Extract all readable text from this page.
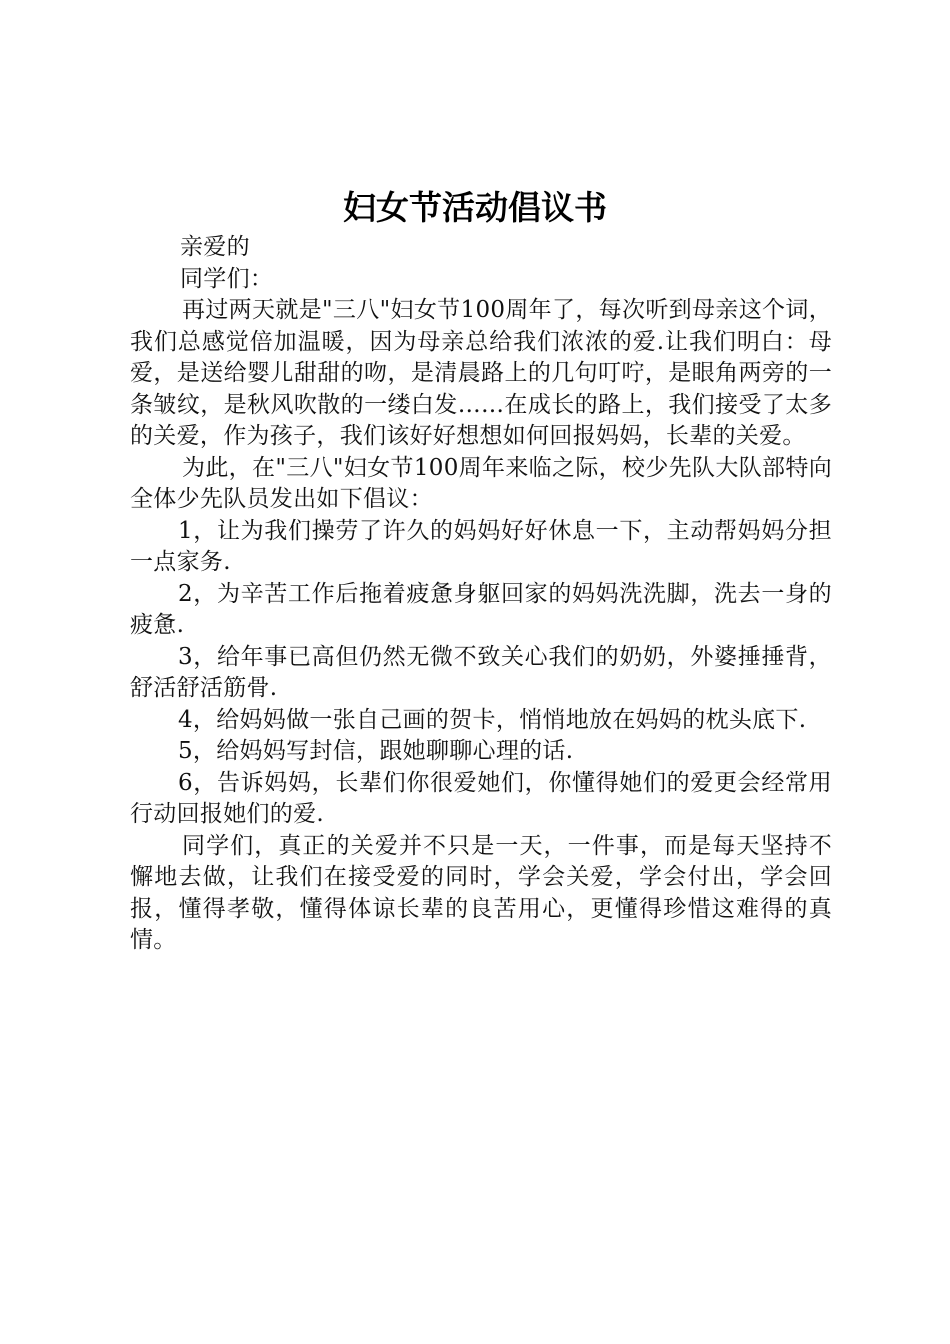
妇女节活动倡议书

亲爱的

同学们：

再过两天就是"三八"妇女节100周年了，每次听到母亲这个词，我们总感觉倍加温暖，因为母亲总给我们浓浓的爱.让我们明白：母爱，是送给婴儿甜甜的吻，是清晨路上的几句叮咛，是眼角两旁的一条皱纹，是秋风吹散的一缕白发……在成长的路上，我们接受了太多的关爱，作为孩子，我们该好好想想如何回报妈妈，长辈的关爱。

为此，在"三八"妇女节100周年来临之际，校少先队大队部特向全体少先队员发出如下倡议：

1，让为我们操劳了许久的妈妈好好休息一下，主动帮妈妈分担一点家务.

2，为辛苦工作后拖着疲惫身躯回家的妈妈洗洗脚，洗去一身的疲惫.

3，给年事已高但仍然无微不致关心我们的奶奶，外婆捶捶背，舒活舒活筋骨.

4，给妈妈做一张自己画的贺卡，悄悄地放在妈妈的枕头底下.

5，给妈妈写封信，跟她聊聊心理的话.

6，告诉妈妈，长辈们你很爱她们，你懂得她们的爱更会经常用行动回报她们的爱.

同学们，真正的关爱并不只是一天，一件事，而是每天坚持不懈地去做，让我们在接受爱的同时，学会关爱，学会付出，学会回报，懂得孝敬，懂得体谅长辈的良苦用心，更懂得珍惜这难得的真情。
